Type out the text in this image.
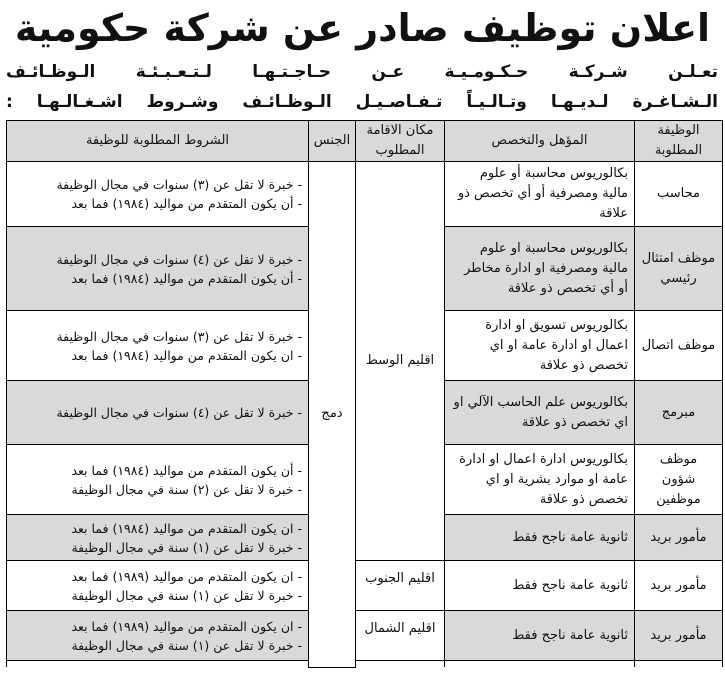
اعلان توظيف صادر عن شركة حكومية
تعـلـن شـركـة حـكـومـيـة عـن حـاجـتـهـا لـتـعـبـئـة الـوظـائـف
الـشـاغـرة لـديـهـا وتـالـيـاً تـفـاصـيـل الـوظـائـف وشـروط اشـغـالـهـا :
الوظيفة المطلوبة	المؤهل والتخصص	مكان الاقامة المطلوب	الجنس	الشروط المطلوبة للوظيفة
محاسب	بكالوريوس محاسبة أو علوم مالية ومصرفية أو أي تخصص ذو علاقة	اقليم الوسط	دمج	- خبرة لا تقل عن (٣) سنوات في مجال الوظيفة
- أن يكون المتقدم من مواليد (١٩٨٤) فما بعد

موظف امتثال رئيسي	بكالوريوس محاسبة او علوم مالية ومصرفية او ادارة مخاطر أو أي تخصص ذو علاقة			- خبرة لا تقل عن (٤) سنوات في مجال الوظيفة
- أن يكون المتقدم من مواليد (١٩٨٤) فما بعد

موظف اتصال	بكالوريوس تسويق او ادارة اعمال او ادارة عامة او اي تخصص ذو علاقة			- خبرة لا تقل عن (٣) سنوات في مجال الوظيفة
- ان يكون المتقدم من مواليد (١٩٨٤) فما بعد

مبرمج	بكالوريوس علم الحاسب الآلي او اي تخصص ذو علاقة			- خبرة لا تقل عن (٤) سنوات في مجال الوظيفة

موظف شؤون موظفين	بكالوريوس ادارة اعمال او ادارة عامة او موارد بشرية او اي تخصص ذو علاقة			- أن يكون المتقدم من مواليد (١٩٨٤) فما بعد
- خبرة لا تقل عن (٢) سنة في مجال الوظيفة

مأمور بريد	ثانوية عامة ناجح فقط			- ان يكون المتقدم من مواليد (١٩٨٤) فما بعد
- خبرة لا تقل عن (١) سنة في مجال الوظيفة

مأمور بريد	ثانوية عامة ناجح فقط	اقليم الجنوب		- ان يكون المتقدم من مواليد (١٩٨٩) فما بعد
- خبرة لا تقل عن (١) سنة في مجال الوظيفة

مأمور بريد	ثانوية عامة ناجح فقط	اقليم الشمال		- ان يكون المتقدم من مواليد (١٩٨٩) فما بعد
- خبرة لا تقل عن (١) سنة في مجال الوظيفة
